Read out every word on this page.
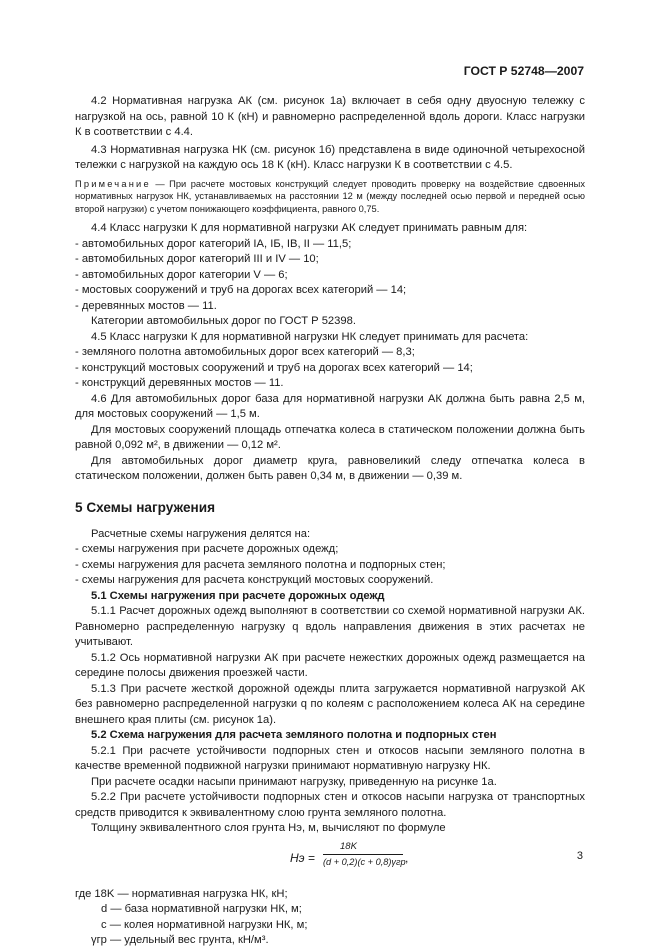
ГОСТ Р 52748—2007

4.2 Нормативная нагрузка АК (см. рисунок 1а) включает в себя одну двуосную тележку с нагрузкой на ось, равной 10 К (кН) и равномерно распределенной вдоль дороги. Класс нагрузки К в соответствии с 4.4.

4.3 Нормативная нагрузка НК (см. рисунок 1б) представлена в виде одиночной четырехосной тележки с нагрузкой на каждую ось 18 К (кН). Класс нагрузки К в соответствии с 4.5.

Примечание — При расчете мостовых конструкций следует проводить проверку на воздействие сдвоенных нормативных нагрузок НК, устанавливаемых на расстоянии 12 м (между последней осью первой и передней осью второй нагрузки) с учетом понижающего коэффициента, равного 0,75.

4.4 Класс нагрузки К для нормативной нагрузки АК следует принимать равным для:

- автомобильных дорог категорий IА, IБ, IВ, II — 11,5;

- автомобильных дорог категорий III и IV — 10;

- автомобильных дорог категории V — 6;

- мостовых сооружений и труб на дорогах всех категорий — 14;

- деревянных мостов — 11.

Категории автомобильных дорог по ГОСТ Р 52398.

4.5 Класс нагрузки К для нормативной нагрузки НК следует принимать для расчета:

- земляного полотна автомобильных дорог всех категорий — 8,3;

- конструкций мостовых сооружений и труб на дорогах всех категорий — 14;

- конструкций деревянных мостов — 11.

4.6 Для автомобильных дорог база для нормативной нагрузки АК должна быть равна 2,5 м, для мостовых сооружений — 1,5 м.

Для мостовых сооружений площадь отпечатка колеса в статическом положении должна быть равной 0,092 м², в движении — 0,12 м².

Для автомобильных дорог диаметр круга, равновеликий следу отпечатка колеса в статическом положении, должен быть равен 0,34 м, в движении — 0,39 м.

5 Схемы нагружения

Расчетные схемы нагружения делятся на:

- схемы нагружения при расчете дорожных одежд;

- схемы нагружения для расчета земляного полотна и подпорных стен;

- схемы нагружения для расчета конструкций мостовых сооружений.

5.1 Схемы нагружения при расчете дорожных одежд

5.1.1 Расчет дорожных одежд выполняют в соответствии со схемой нормативной нагрузки АК. Равномерно распределенную нагрузку q вдоль направления движения в этих расчетах не учитывают.

5.1.2 Ось нормативной нагрузки АК при расчете нежестких дорожных одежд размещается на середине полосы движения проезжей части.

5.1.3 При расчете жесткой дорожной одежды плита загружается нормативной нагрузкой АК без равномерно распределенной нагрузки q по колеям с расположением колеса АК на середине внешнего края плиты (см. рисунок 1а).

5.2 Схема нагружения для расчета земляного полотна и подпорных стен

5.2.1 При расчете устойчивости подпорных стен и откосов насыпи земляного полотна в качестве временной подвижной нагрузки принимают нормативную нагрузку НК.

При расчете осадки насыпи принимают нагрузку, приведенную на рисунке 1а.

5.2.2 При расчете устойчивости подпорных стен и откосов насыпи нагрузка от транспортных средств приводится к эквивалентному слою грунта земляного полотна.

Толщину эквивалентного слоя грунта Hэ, м, вычисляют по формуле

Hэ =
18K
(d + 0,2)(c + 0,8)γгр ,

где 18K — нормативная нагрузка НК, кН;

d — база нормативной нагрузки НК, м;

c — колея нормативной нагрузки НК, м;

γгр — удельный вес грунта, кН/м³.

3
